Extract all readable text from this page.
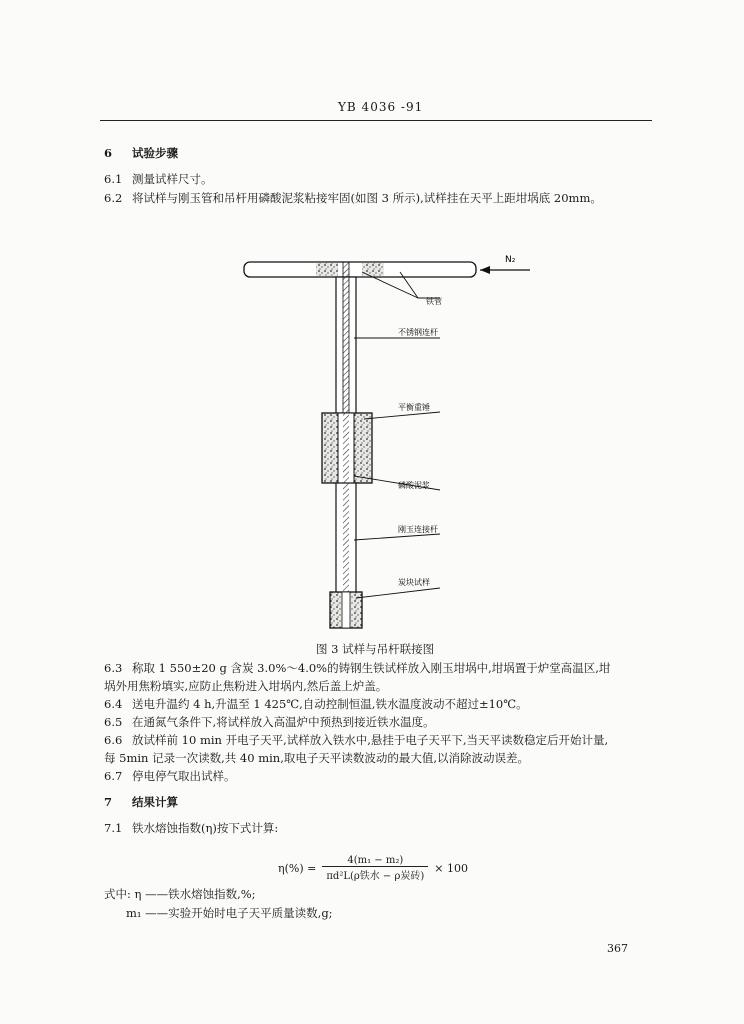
YB 4036 -91
6 试验步骤
6.1 测量试样尺寸。
6.2 将试样与刚玉管和吊杆用磷酸泥浆粘接牢固(如图 3 所示),试样挂在天平上距坩埚底 20mm。
N₂
铁管
不锈钢连杆
平衡重锤
磷酸泥浆
刚玉连接杆
炭块试样
图 3 试样与吊杆联接图
6.3 称取 1 550±20 g 含炭 3.0%～4.0%的铸钢生铁试样放入刚玉坩埚中,坩埚置于炉堂高温区,坩
埚外用焦粉填实,应防止焦粉进入坩埚内,然后盖上炉盖。
6.4 送电升温约 4 h,升温至 1 425℃,自动控制恒温,铁水温度波动不超过±10℃。
6.5 在通氮气条件下,将试样放入高温炉中预热到接近铁水温度。
6.6 放试样前 10 min 开电子天平,试样放入铁水中,悬挂于电子天平下,当天平读数稳定后开始计量,
每 5min 记录一次读数,共 40 min,取电子天平读数波动的最大值,以消除波动误差。
6.7 停电停气取出试样。
7 结果计算
7.1 铁水熔蚀指数(η)按下式计算:
η(%) =	4(m₁ − m₂)	× 100
πd²L(ρ铁水 − ρ炭砖)
式中: η ——铁水熔蚀指数,%;
m₁ ——实验开始时电子天平质量读数,g;
367
